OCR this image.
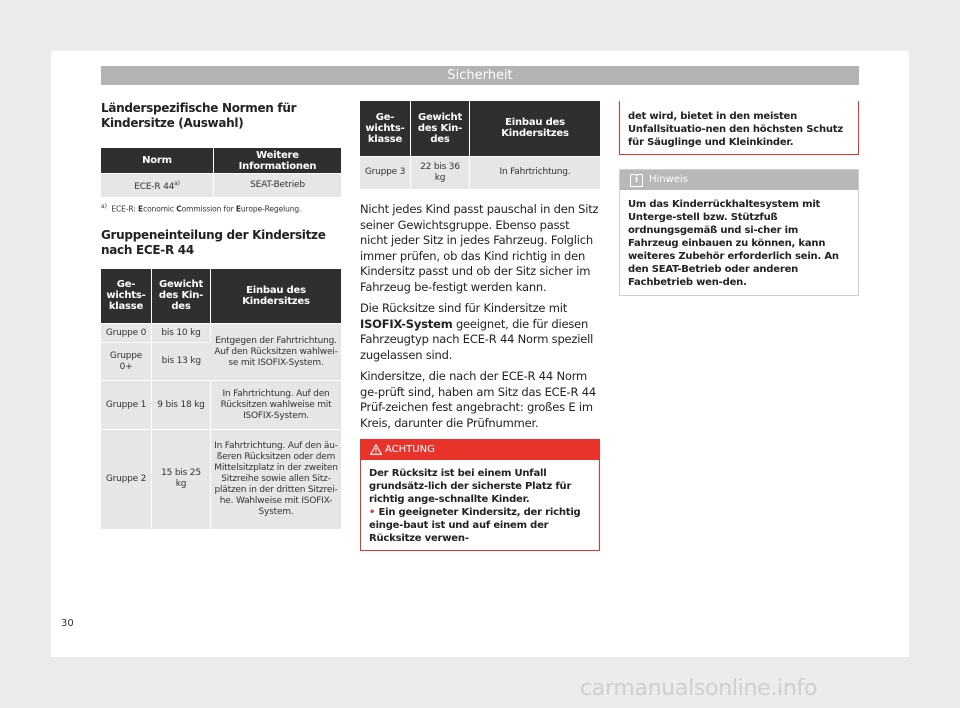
Sicherheit
Länderspezifische Normen für Kindersitze (Auswahl)
Norm	Weitere Informationen
ECE-R 44$^{a)}$	SEAT-Betrieb
$^{a)}$ ECE-R: Economic Commission for Europe-Regelung.
Gruppeneinteilung der Kindersitze nach ECE-R 44
Ge-wichts-klasse	Gewicht des Kin-des	Einbau des Kindersitzes
Gruppe 0	bis 10 kg	Entgegen der Fahrtrichtung. Auf den Rücksitzen wahlwei-se mit ISOFIX-System.
Gruppe 0+	bis 13 kg	
Gruppe 1	9 bis 18 kg	In Fahrtrichtung. Auf den Rücksitzen wahlweise mit ISOFIX-System.
Gruppe 2	15 bis 25 kg	In Fahrtrichtung. Auf den äu-ßeren Rücksitzen oder dem Mittelsitzplatz in der zweiten Sitzreihe sowie allen Sitz-plätzen in der dritten Sitzrei-he. Wahlweise mit ISOFIX-System.
Ge-wichts-klasse	Gewicht des Kin-des	Einbau des Kindersitzes
Gruppe 3	22 bis 36 kg	In Fahrtrichtung.

Nicht jedes Kind passt pauschal in den Sitz seiner Gewichtsgruppe. Ebenso passt nicht jeder Sitz in jedes Fahrzeug. Folglich immer prüfen, ob das Kind richtig in den Kindersitz passt und ob der Sitz sicher im Fahrzeug be-festigt werden kann.

Die Rücksitze sind für Kindersitze mit ISOFIX-System geeignet, die für diesen Fahrzeugtyp nach ECE-R 44 Norm speziell zugelassen sind.

Kindersitze, die nach der ECE-R 44 Norm ge-prüft sind, haben am Sitz das ECE-R 44 Prüf-zeichen fest angebracht: großes E im Kreis, darunter die Prüfnummer.

ACHTUNG
Der Rücksitz ist bei einem Unfall grundsätz-lich der sicherste Platz für richtig ange-schnallte Kinder.
• Ein geeigneter Kindersitz, der richtig einge-baut ist und auf einem der Rücksitze verwen-
det wird, bietet in den meisten Unfallsituatio-nen den höchsten Schutz für Säuglinge und Kleinkinder.
i	Hinweis
Um das Kinderrückhaltesystem mit Unterge-stell bzw. Stützfuß ordnungsgemäß und si-cher im Fahrzeug einbauen zu können, kann weiteres Zubehör erforderlich sein. An den SEAT-Betrieb oder anderen Fachbetrieb wen-den.
30
carmanualsonline.info
